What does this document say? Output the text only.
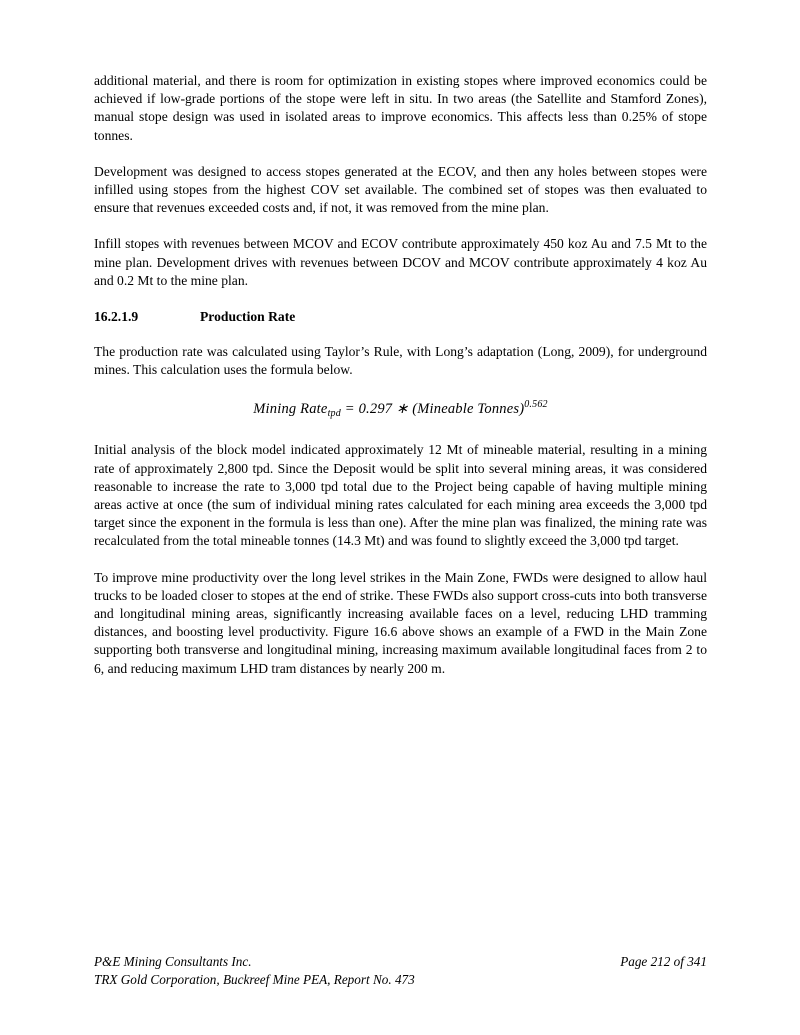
additional material, and there is room for optimization in existing stopes where improved economics could be achieved if low-grade portions of the stope were left in situ. In two areas (the Satellite and Stamford Zones), manual stope design was used in isolated areas to improve economics. This affects less than 0.25% of stope tonnes.

Development was designed to access stopes generated at the ECOV, and then any holes between stopes were infilled using stopes from the highest COV set available. The combined set of stopes was then evaluated to ensure that revenues exceeded costs and, if not, it was removed from the mine plan.

Infill stopes with revenues between MCOV and ECOV contribute approximately 450 koz Au and 7.5 Mt to the mine plan. Development drives with revenues between DCOV and MCOV contribute approximately 4 koz Au and 0.2 Mt to the mine plan.

16.2.1.9	Production Rate

The production rate was calculated using Taylor’s Rule, with Long’s adaptation (Long, 2009), for underground mines. This calculation uses the formula below.

Mining Rate$_{tpd}$ = 0.297 ∗ (Mineable Tonnes)$^{0.562}$

Initial analysis of the block model indicated approximately 12 Mt of mineable material, resulting in a mining rate of approximately 2,800 tpd. Since the Deposit would be split into several mining areas, it was considered reasonable to increase the rate to 3,000 tpd total due to the Project being capable of having multiple mining areas active at once (the sum of individual mining rates calculated for each mining area exceeds the 3,000 tpd target since the exponent in the formula is less than one). After the mine plan was finalized, the mining rate was recalculated from the total mineable tonnes (14.3 Mt) and was found to slightly exceed the 3,000 tpd target.

To improve mine productivity over the long level strikes in the Main Zone, FWDs were designed to allow haul trucks to be loaded closer to stopes at the end of strike. These FWDs also support cross-cuts into both transverse and longitudinal mining areas, significantly increasing available faces on a level, reducing LHD tramming distances, and boosting level productivity. Figure 16.6 above shows an example of a FWD in the Main Zone supporting both transverse and longitudinal mining, increasing maximum available longitudinal faces from 2 to 6, and reducing maximum LHD tram distances by nearly 200 m.

P&E Mining Consultants Inc.
TRX Gold Corporation, Buckreef Mine PEA, Report No. 473
Page 212 of 341
